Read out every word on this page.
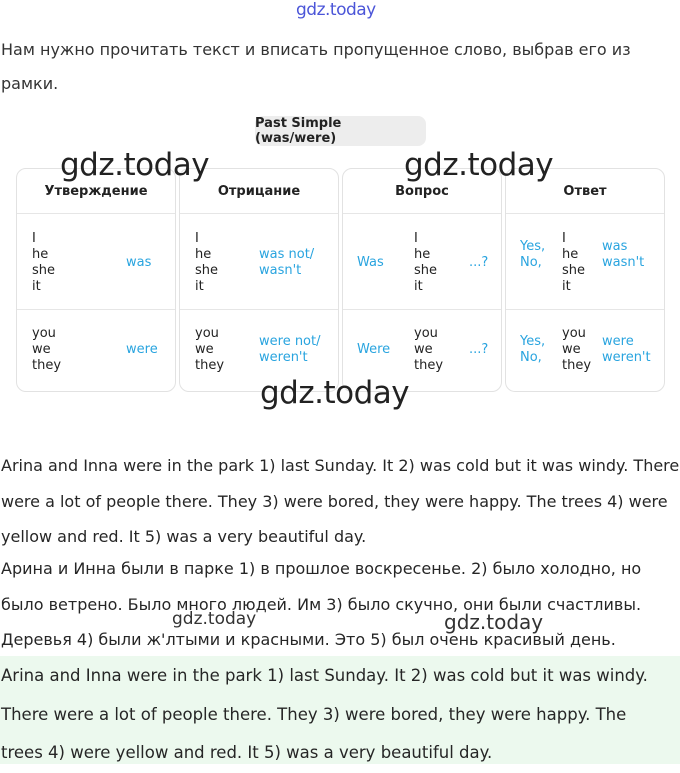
gdz.today
Нам нужно прочитать текст и вписать пропущенное слово, выбрав его из
рамки.
Past Simple (was/were)
Утверждение
I
he
she
it
was
you
we
they
were
Отрицание
I
he
she
it
was not/
wasn't
you
we
they
were not/
weren't
Вопрос
Was
I
he
she
it
...?
Were
you
we
they
...?
Ответ
Yes,
No,
I
he
she
it
was
wasn't
Yes,
No,
you
we
they
were
weren't
gdz.today	gdz.today
gdz.today
Arina and Inna were in the park 1) last Sunday. It 2) was cold but it was windy. There
were a lot of people there. They 3) were bored, they were happy. The trees 4) were
yellow and red. It 5) was a very beautiful day.
Арина и Инна были в парке 1) в прошлое воскресенье. 2) было холодно, но
было ветрено. Было много людей. Им 3) было скучно, они были счастливы.
Деревья 4) были ж'лтыми и красными. Это 5) был очень красивый день.
gdz.today
Arina and Inna were in the park 1) last Sunday. It 2) was cold but it was windy.
There were a lot of people there. They 3) were bored, they were happy. The
trees 4) were yellow and red. It 5) was a very beautiful day.
gdz.today
